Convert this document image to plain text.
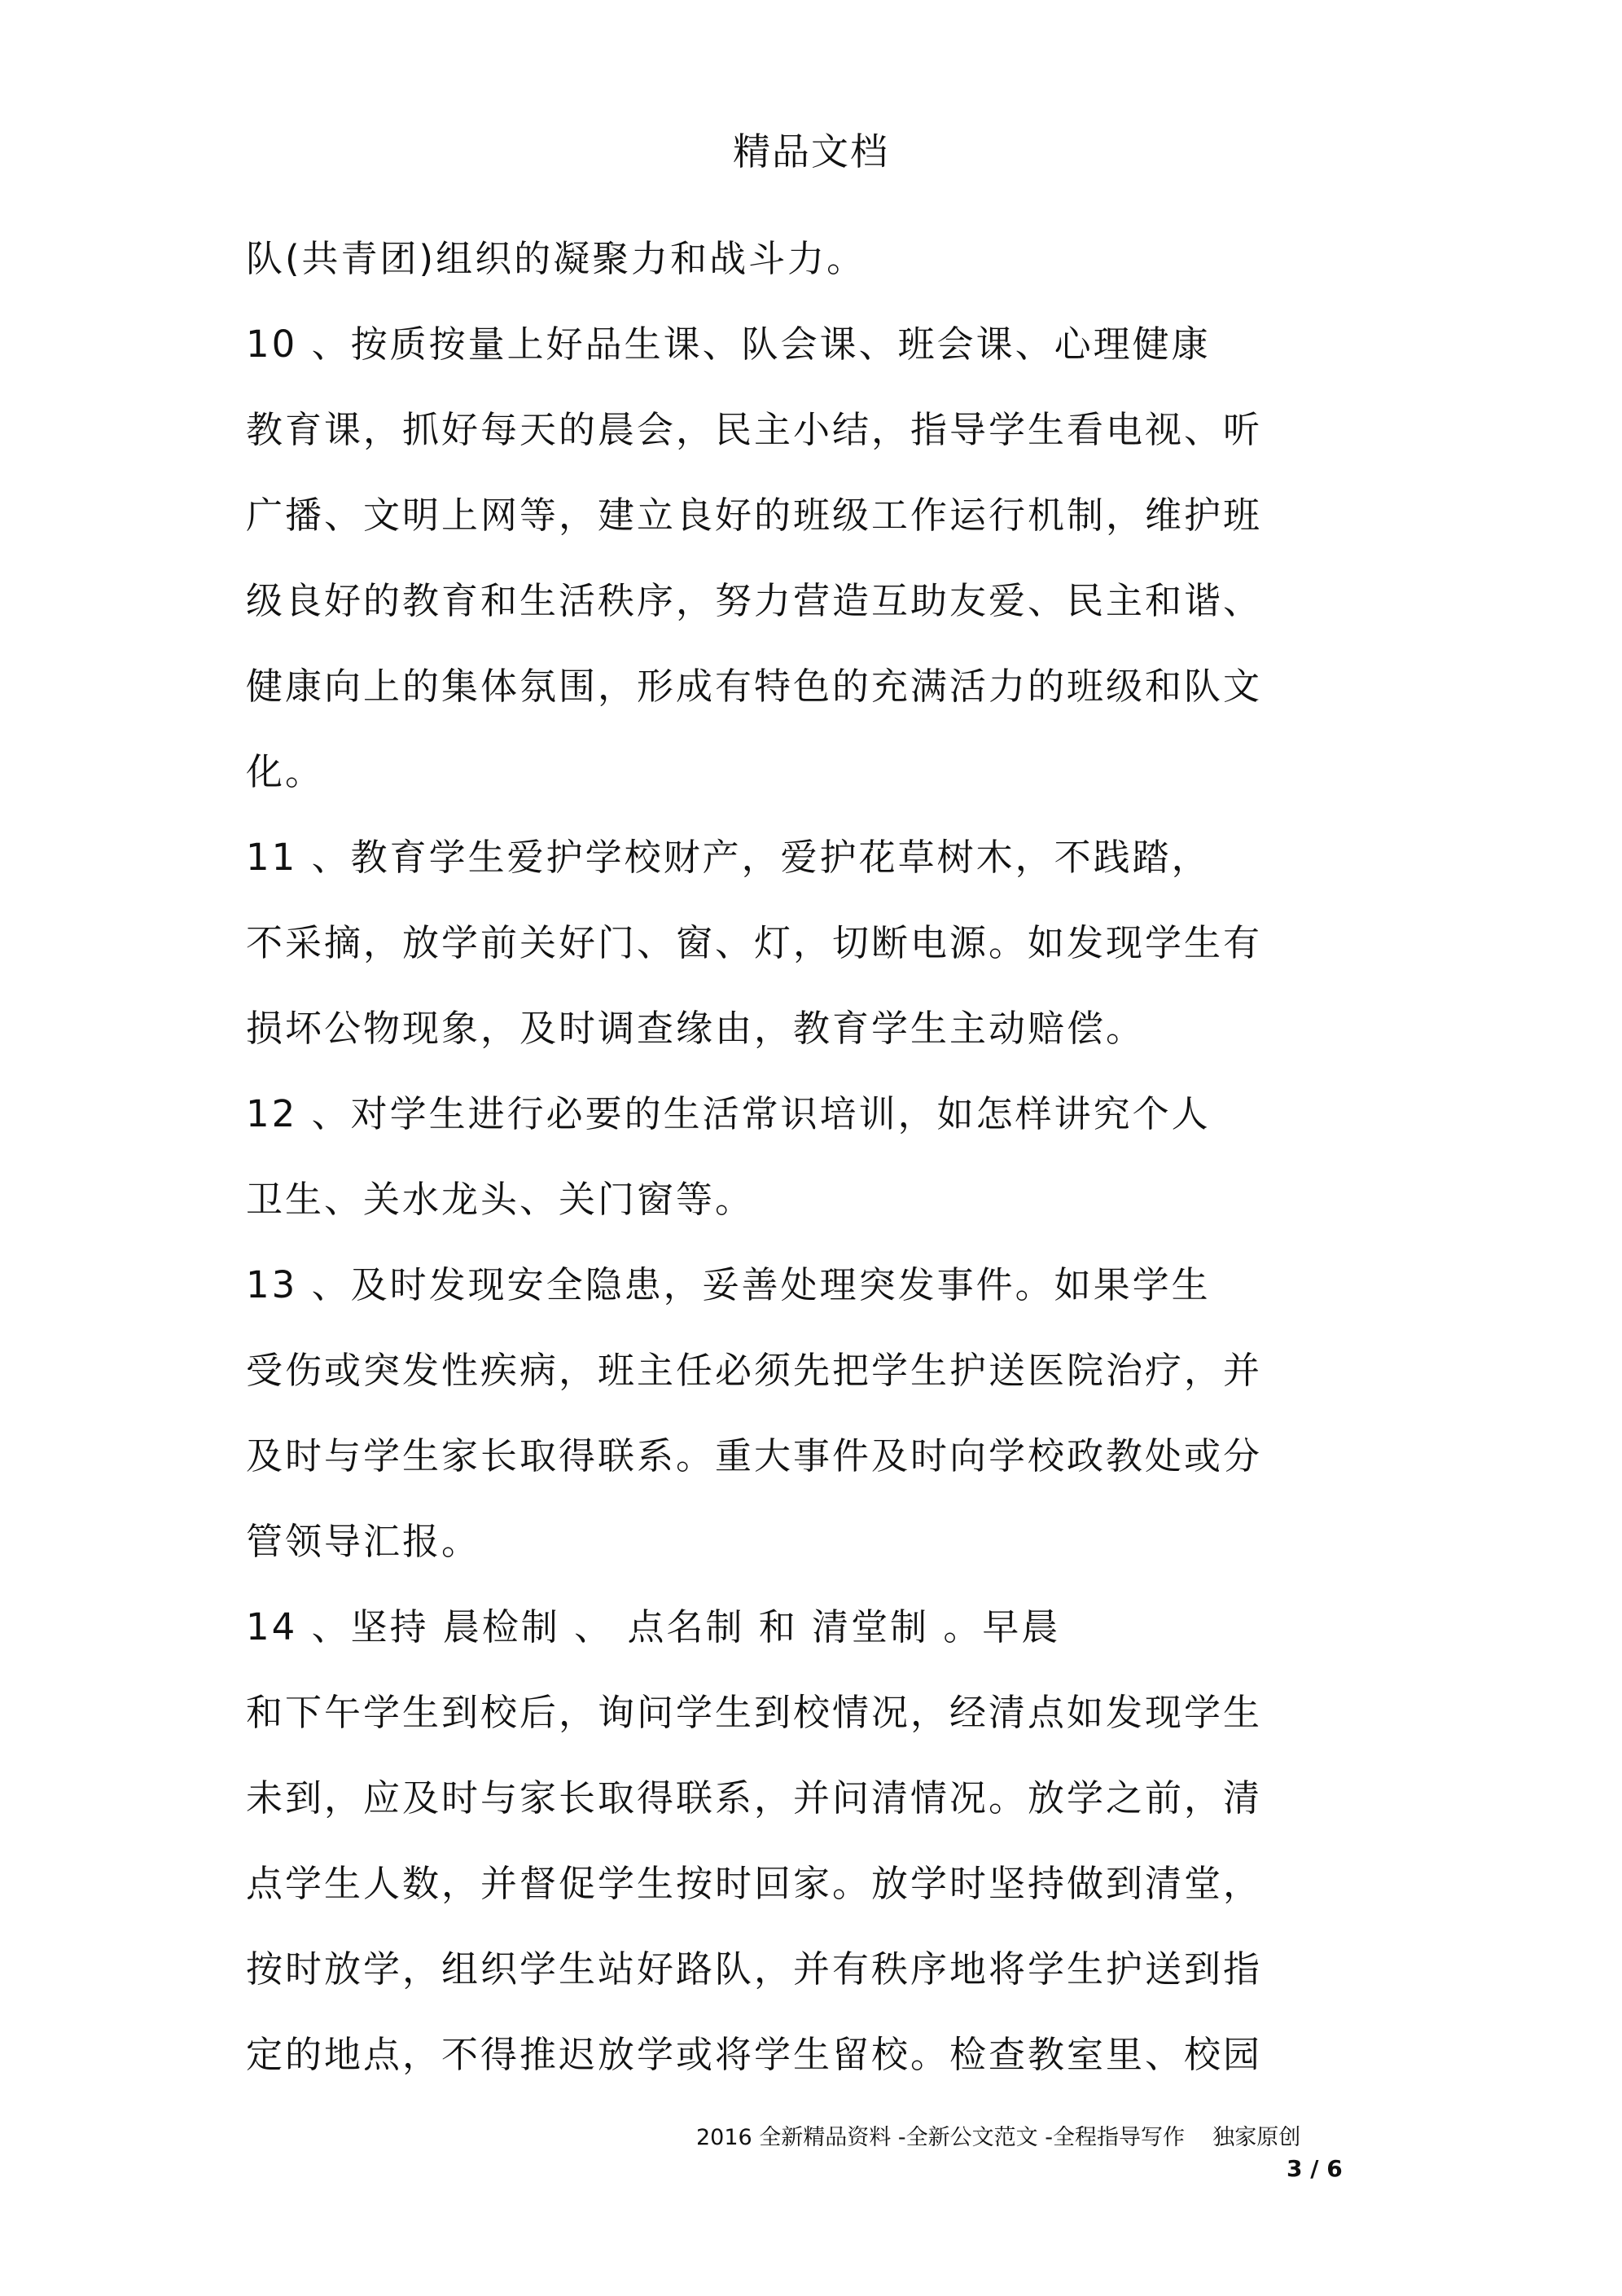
精品文档

队(共青团)组织的凝聚力和战斗力。

10 、按质按量上好品生课、队会课、班会课、心理健康

教育课，抓好每天的晨会，民主小结，指导学生看电视、听

广播、文明上网等，建立良好的班级工作运行机制，维护班

级良好的教育和生活秩序，努力营造互助友爱、民主和谐、

健康向上的集体氛围，形成有特色的充满活力的班级和队文

化。

11 、教育学生爱护学校财产，爱护花草树木，不践踏，

不采摘，放学前关好门、窗、灯，切断电源。如发现学生有

损坏公物现象，及时调查缘由，教育学生主动赔偿。

12 、对学生进行必要的生活常识培训，如怎样讲究个人

卫生、关水龙头、关门窗等。

13 、及时发现安全隐患，妥善处理突发事件。如果学生

受伤或突发性疾病，班主任必须先把学生护送医院治疗，并

及时与学生家长取得联系。重大事件及时向学校政教处或分

管领导汇报。

14 、坚持 晨检制 、 点名制 和 清堂制 。早晨

和下午学生到校后，询问学生到校情况，经清点如发现学生

未到，应及时与家长取得联系，并问清情况。放学之前，清

点学生人数，并督促学生按时回家。放学时坚持做到清堂，

按时放学，组织学生站好路队，并有秩序地将学生护送到指

定的地点，不得推迟放学或将学生留校。检查教室里、校园

2016 全新精品资料 -全新公文范文 -全程指导写作    独家原创
3 / 6
